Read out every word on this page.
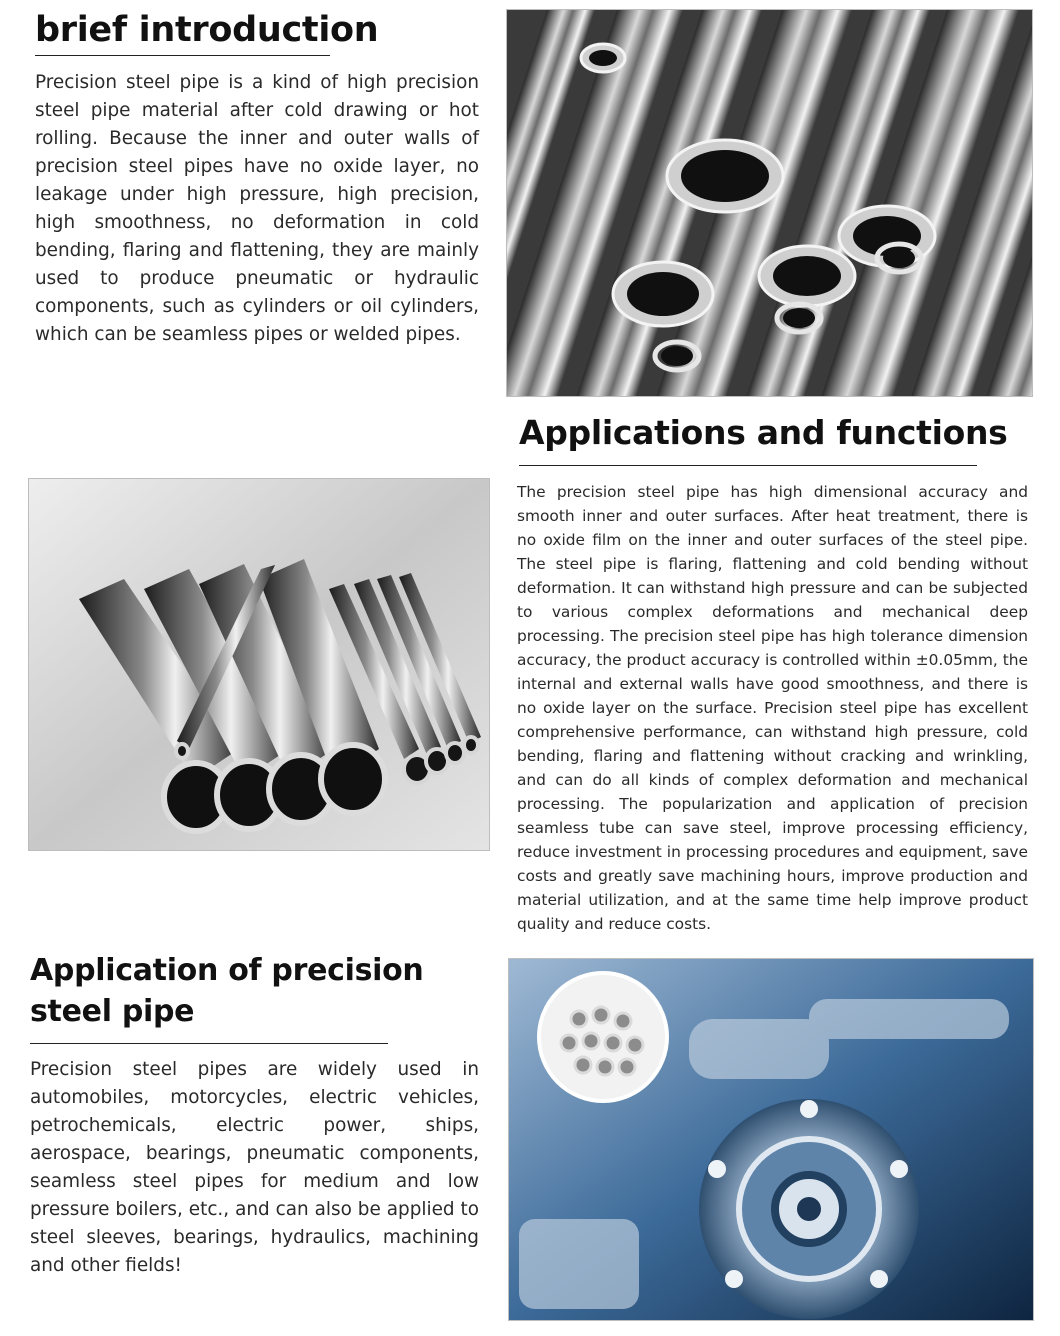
brief introduction

Precision steel pipe is a kind of high precision steel pipe material after cold drawing or hot rolling. Because the inner and outer walls of precision steel pipes have no oxide layer, no leakage under high pressure, high precision, high smoothness, no deformation in cold bending, flaring and flattening, they are mainly used to produce pneumatic or hydraulic components, such as cylinders or oil cylinders, which can be seamless pipes or welded pipes.

Applications and functions

The precision steel pipe has high dimensional accuracy and smooth inner and outer surfaces. After heat treatment, there is no oxide film on the inner and outer surfaces of the steel pipe. The steel pipe is flaring, flattening and cold bending without deformation. It can withstand high pressure and can be subjected to various complex deformations and mechanical deep processing. The precision steel pipe has high tolerance dimension accuracy, the product accuracy is controlled within ±0.05mm, the internal and external walls have good smoothness, and there is no oxide layer on the surface. Precision steel pipe has excellent comprehensive performance, can withstand high pressure, cold bending, flaring and flattening without cracking and wrinkling, and can do all kinds of complex deformation and mechanical processing. The popularization and application of precision seamless tube can save steel, improve processing efficiency, reduce investment in processing procedures and equipment, save costs and greatly save machining hours, improve production and material utilization, and at the same time help improve product quality and reduce costs.

Application of precision
steel pipe

Precision steel pipes are widely used in automobiles, motorcycles, electric vehicles, petrochemicals, electric power, ships, aerospace, bearings, pneumatic components, seamless steel pipes for medium and low pressure boilers, etc., and can also be applied to steel sleeves, bearings, hydraulics, machining and other fields!
